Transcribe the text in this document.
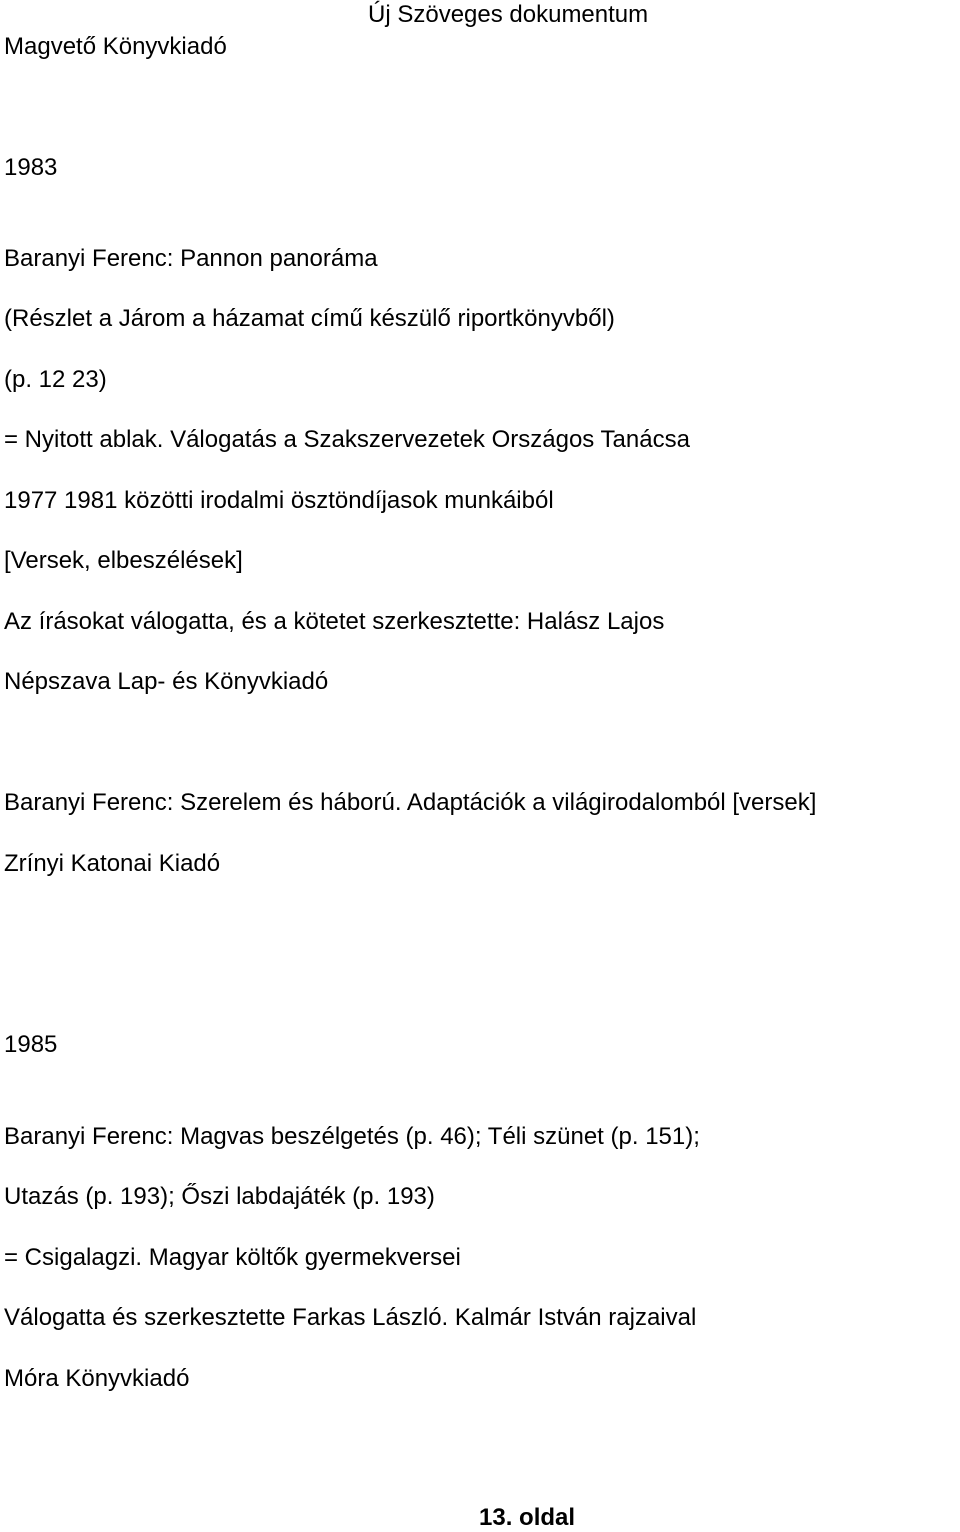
Új Szöveges dokumentum
Magvető Könyvkiadó
1983
Baranyi Ferenc: Pannon panoráma
(Részlet a Járom a házamat című készülő riportkönyvből)
(p. 12 23)
= Nyitott ablak. Válogatás a Szakszervezetek Országos Tanácsa
1977 1981 közötti irodalmi ösztöndíjasok munkáiból
[Versek, elbeszélések]
Az írásokat válogatta, és a kötetet szerkesztette: Halász Lajos
Népszava Lap- és Könyvkiadó
Baranyi Ferenc: Szerelem és háború. Adaptációk a világirodalomból [versek]
Zrínyi Katonai Kiadó
1985
Baranyi Ferenc: Magvas beszélgetés (p. 46); Téli szünet (p. 151);
Utazás (p. 193); Őszi labdajáték (p. 193)
= Csigalagzi. Magyar költők gyermekversei
Válogatta és szerkesztette Farkas László. Kalmár István rajzaival
Móra Könyvkiadó
13. oldal
